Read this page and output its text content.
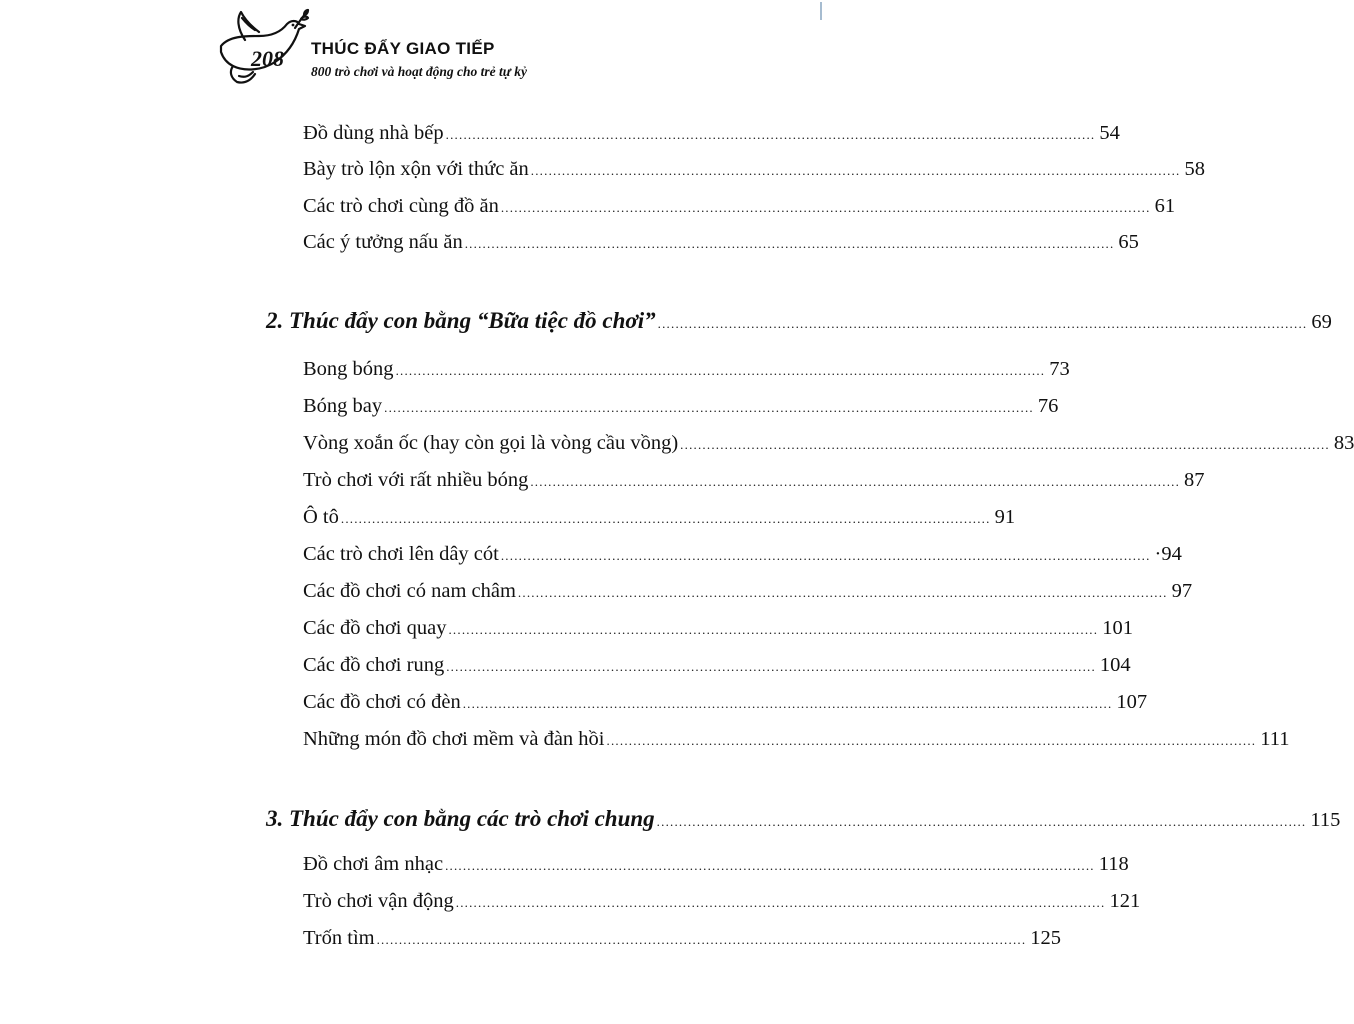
208 THÚC ĐẨY GIAO TIẾP
800 trò chơi và hoạt động cho trẻ tự kỷ
Đồ dùng nhà bếp .................................................................................................................................................. 54
Bày trò lộn xộn với thức ăn .................................................................................................................................................. 58
Các trò chơi cùng đồ ăn .................................................................................................................................................. 61
Các ý tưởng nấu ăn .................................................................................................................................................. 65
2. Thúc đẩy con bằng “Bữa tiệc đồ chơi” .................................................................................................................................................. 69
Bong bóng .................................................................................................................................................. 73
Bóng bay .................................................................................................................................................. 76
Vòng xoắn ốc (hay còn gọi là vòng cầu vồng) .................................................................................................................................................. 83
Trò chơi với rất nhiều bóng .................................................................................................................................................. 87
Ô tô .................................................................................................................................................. 91
Các trò chơi lên dây cót .................................................................................................................................................. ·94
Các đồ chơi có nam châm .................................................................................................................................................. 97
Các đồ chơi quay .................................................................................................................................................. 101
Các đồ chơi rung .................................................................................................................................................. 104
Các đồ chơi có đèn .................................................................................................................................................. 107
Những món đồ chơi mềm và đàn hồi .................................................................................................................................................. 111
3. Thúc đẩy con bằng các trò chơi chung .................................................................................................................................................. 115
Đồ chơi âm nhạc .................................................................................................................................................. 118
Trò chơi vận động .................................................................................................................................................. 121
Trốn tìm .................................................................................................................................................. 125
